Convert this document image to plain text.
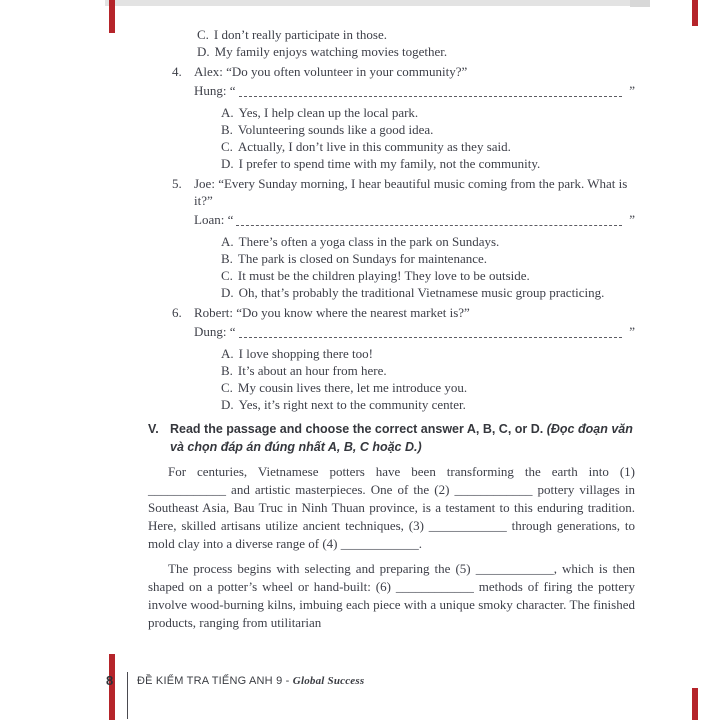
C. I don’t really participate in those.
D. My family enjoys watching movies together.
4. Alex: “Do you often volunteer in your community?”
Hung: “	”
A. Yes, I help clean up the local park.
B. Volunteering sounds like a good idea.
C. Actually, I don’t live in this community as they said.
D. I prefer to spend time with my family, not the community.
5. Joe: “Every Sunday morning, I hear beautiful music coming from the park. What is it?”
Loan: “	”
A. There’s often a yoga class in the park on Sundays.
B. The park is closed on Sundays for maintenance.
C. It must be the children playing! They love to be outside.
D. Oh, that’s probably the traditional Vietnamese music group practicing.
6. Robert: “Do you know where the nearest market is?”
Dung: “	”
A. I love shopping there too!
B. It’s about an hour from here.
C. My cousin lives there, let me introduce you.
D. Yes, it’s right next to the community center.
V. Read the passage and choose the correct answer A, B, C, or D. (Đọc đoạn văn và chọn đáp án đúng nhất A, B, C hoặc D.)

For centuries, Vietnamese potters have been transforming the earth into (1) ____________ and artistic masterpieces. One of the (2) ____________ pottery villages in Southeast Asia, Bau Truc in Ninh Thuan province, is a testament to this enduring tradition. Here, skilled artisans utilize ancient techniques, (3) ____________ through generations, to mold clay into a diverse range of (4) ____________.

The process begins with selecting and preparing the (5) ____________, which is then shaped on a potter’s wheel or hand-built: (6) ____________ methods of firing the pottery involve wood-burning kilns, imbuing each piece with a unique smoky character. The finished products, ranging from utilitarian

8	ĐỀ KIỂM TRA TIẾNG ANH 9 - Global Success
